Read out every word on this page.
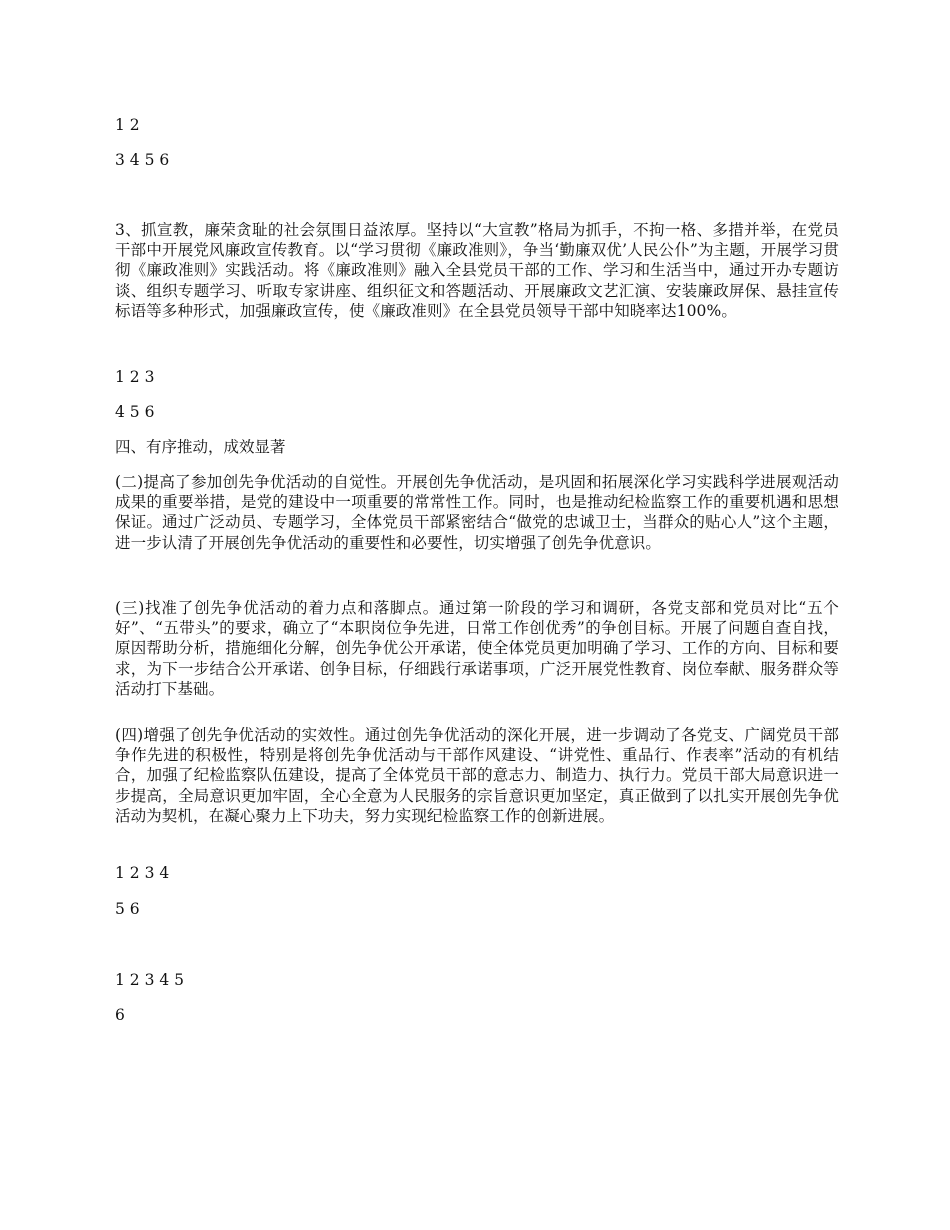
1 2

3 4 5 6

3、抓宣教，廉荣贪耻的社会氛围日益浓厚。坚持以“大宣教”格局为抓手，不拘一格、多措并举，在党员干部中开展党风廉政宣传教育。以“学习贯彻《廉政准则》，争当‘勤廉双优’人民公仆”为主题，开展学习贯彻《廉政准则》实践活动。将《廉政准则》融入全县党员干部的工作、学习和生活当中，通过开办专题访谈、组织专题学习、听取专家讲座、组织征文和答题活动、开展廉政文艺汇演、安装廉政屏保、悬挂宣传标语等多种形式，加强廉政宣传，使《廉政准则》在全县党员领导干部中知晓率达100%。

1 2 3

4 5 6

四、有序推动，成效显著

(二)提高了参加创先争优活动的自觉性。开展创先争优活动，是巩固和拓展深化学习实践科学进展观活动成果的重要举措，是党的建设中一项重要的常常性工作。同时，也是推动纪检监察工作的重要机遇和思想保证。通过广泛动员、专题学习，全体党员干部紧密结合“做党的忠诚卫士，当群众的贴心人”这个主题，进一步认清了开展创先争优活动的重要性和必要性，切实增强了创先争优意识。

(三)找准了创先争优活动的着力点和落脚点。通过第一阶段的学习和调研，各党支部和党员对比“五个好”、“五带头”的要求，确立了“本职岗位争先进，日常工作创优秀”的争创目标。开展了问题自查自找，原因帮助分析，措施细化分解，创先争优公开承诺，使全体党员更加明确了学习、工作的方向、目标和要求，为下一步结合公开承诺、创争目标，仔细践行承诺事项，广泛开展党性教育、岗位奉献、服务群众等活动打下基础。

(四)增强了创先争优活动的实效性。通过创先争优活动的深化开展，进一步调动了各党支、广阔党员干部争作先进的积极性，特别是将创先争优活动与干部作风建设、“讲党性、重品行、作表率”活动的有机结合，加强了纪检监察队伍建设，提高了全体党员干部的意志力、制造力、执行力。党员干部大局意识进一步提高，全局意识更加牢固，全心全意为人民服务的宗旨意识更加坚定，真正做到了以扎实开展创先争优活动为契机，在凝心聚力上下功夫，努力实现纪检监察工作的创新进展。

1 2 3 4

5 6

1 2 3 4 5

6
